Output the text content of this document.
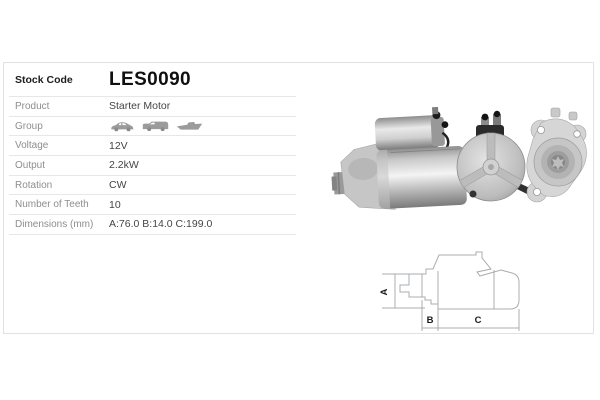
Stock Code	LES0090
Product	Starter Motor
Group
Voltage	12V
Output	2.2kW
Rotation	CW
Number of Teeth	10
Dimensions (mm)	A:76.0 B:14.0 C:199.0
A
B	C
